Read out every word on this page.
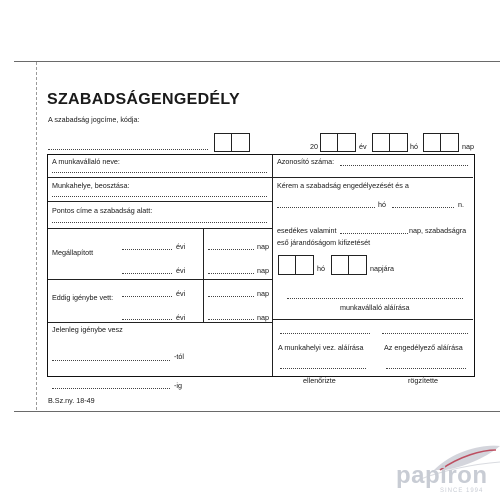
SZABADSÁGENGEDÉLY
A szabadság jogcíme, kódja:
20	év	hó	nap
A munkavállaló neve:
Munkahelye, beosztása:
Pontos címe a szabadság alatt:
Megállapított
évi	nap
évi	nap
Eddig igénybe vett:	évi	nap
évi	nap
Jelenleg igénybe vesz
-tól
-ig
Azonosító száma:
Kérem a szabadság engedélyezését és a
hó	n.
esedékes valamint	nap, szabadságra
eső járandóságom kifizetését
hó	napjára
munkavállaló aláírása
A munkahelyi vez. aláírása	Az engedélyező aláírása
ellenőrizte	rögzítette
B.Sz.ny. 18-49
papiron
SINCE 1994
